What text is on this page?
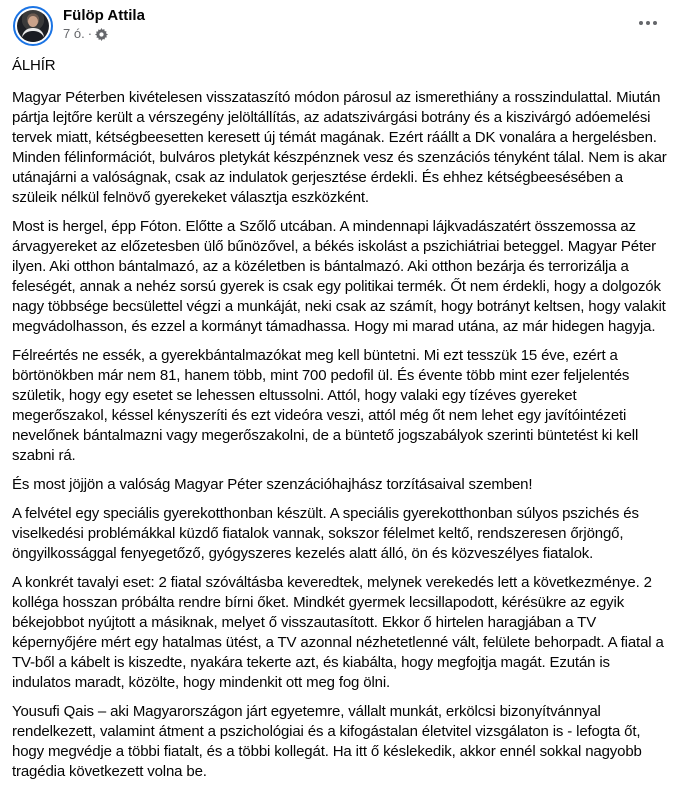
Fülöp Attila
7 ó. ·

ÁLHÍR

Magyar Péterben kivételesen visszataszító módon párosul az ismerethiány a rosszindulattal. Miután pártja lejtőre került a vérszegény jelöltállítás, az adatszivárgási botrány és a kiszivárgó adóemelési tervek miatt, kétségbeesetten keresett új témát magának. Ezért ráállt a DK vonalára a hergelésben. Minden félinformációt, bulváros pletykát készpénznek vesz és szenzációs tényként tálal. Nem is akar utánajárni a valóságnak, csak az indulatok gerjesztése érdekli. És ehhez kétségbeesésében a szüleik nélkül felnövő gyerekeket választja eszközként.

Most is hergel, épp Fóton. Előtte a Szőlő utcában. A mindennapi lájkvadászatért összemossa az árvagyereket az előzetesben ülő bűnözővel, a békés iskolást a pszichiátriai beteggel. Magyar Péter ilyen. Aki otthon bántalmazó, az a közéletben is bántalmazó. Aki otthon bezárja és terrorizálja a feleségét, annak a nehéz sorsú gyerek is csak egy politikai termék. Őt nem érdekli, hogy a dolgozók nagy többsége becsülettel végzi a munkáját, neki csak az számít, hogy botrányt keltsen, hogy valakit megvádolhasson, és ezzel a kormányt támadhassa. Hogy mi marad utána, az már hidegen hagyja.

Félreértés ne essék, a gyerekbántalmazókat meg kell büntetni. Mi ezt tesszük 15 éve, ezért a börtönökben már nem 81, hanem több, mint 700 pedofil ül. És évente több mint ezer feljelentés születik, hogy egy esetet se lehessen eltussolni. Attól, hogy valaki egy tízéves gyereket megerőszakol, késsel kényszeríti és ezt videóra veszi, attól még őt nem lehet egy javítóintézeti nevelőnek bántalmazni vagy megerőszakolni, de a büntető jogszabályok szerinti büntetést ki kell szabni rá.

És most jöjjön a valóság Magyar Péter szenzációhajhász torzításaival szemben!

A felvétel egy speciális gyerekotthonban készült. A speciális gyerekotthonban súlyos pszichés és viselkedési problémákkal küzdő fiatalok vannak, sokszor félelmet keltő, rendszeresen őrjöngő, öngyilkossággal fenyegetőző, gyógyszeres kezelés alatt álló, ön és közveszélyes fiatalok.

A konkrét tavalyi eset: 2 fiatal szóváltásba keveredtek, melynek verekedés lett a következménye. 2 kolléga hosszan próbálta rendre bírni őket. Mindkét gyermek lecsillapodott, kérésükre az egyik békejobbot nyújtott a másiknak, melyet ő visszautasított. Ekkor ő hirtelen haragjában a TV képernyőjére mért egy hatalmas ütést, a TV azonnal nézhetetlenné vált, felülete behorpadt. A fiatal a TV-ből a kábelt is kiszedte, nyakára tekerte azt, és kiabálta, hogy megfojtja magát. Ezután is indulatos maradt, közölte, hogy mindenkit ott meg fog ölni.

Yousufi Qais – aki Magyarországon járt egyetemre, vállalt munkát, erkölcsi bizonyítvánnyal rendelkezett, valamint átment a pszichológiai és a kifogástalan életvitel vizsgálaton is - lefogta őt, hogy megvédje a többi fiatalt, és a többi kollegát. Ha itt ő késlekedik, akkor ennél sokkal nagyobb tragédia következett volna be.
